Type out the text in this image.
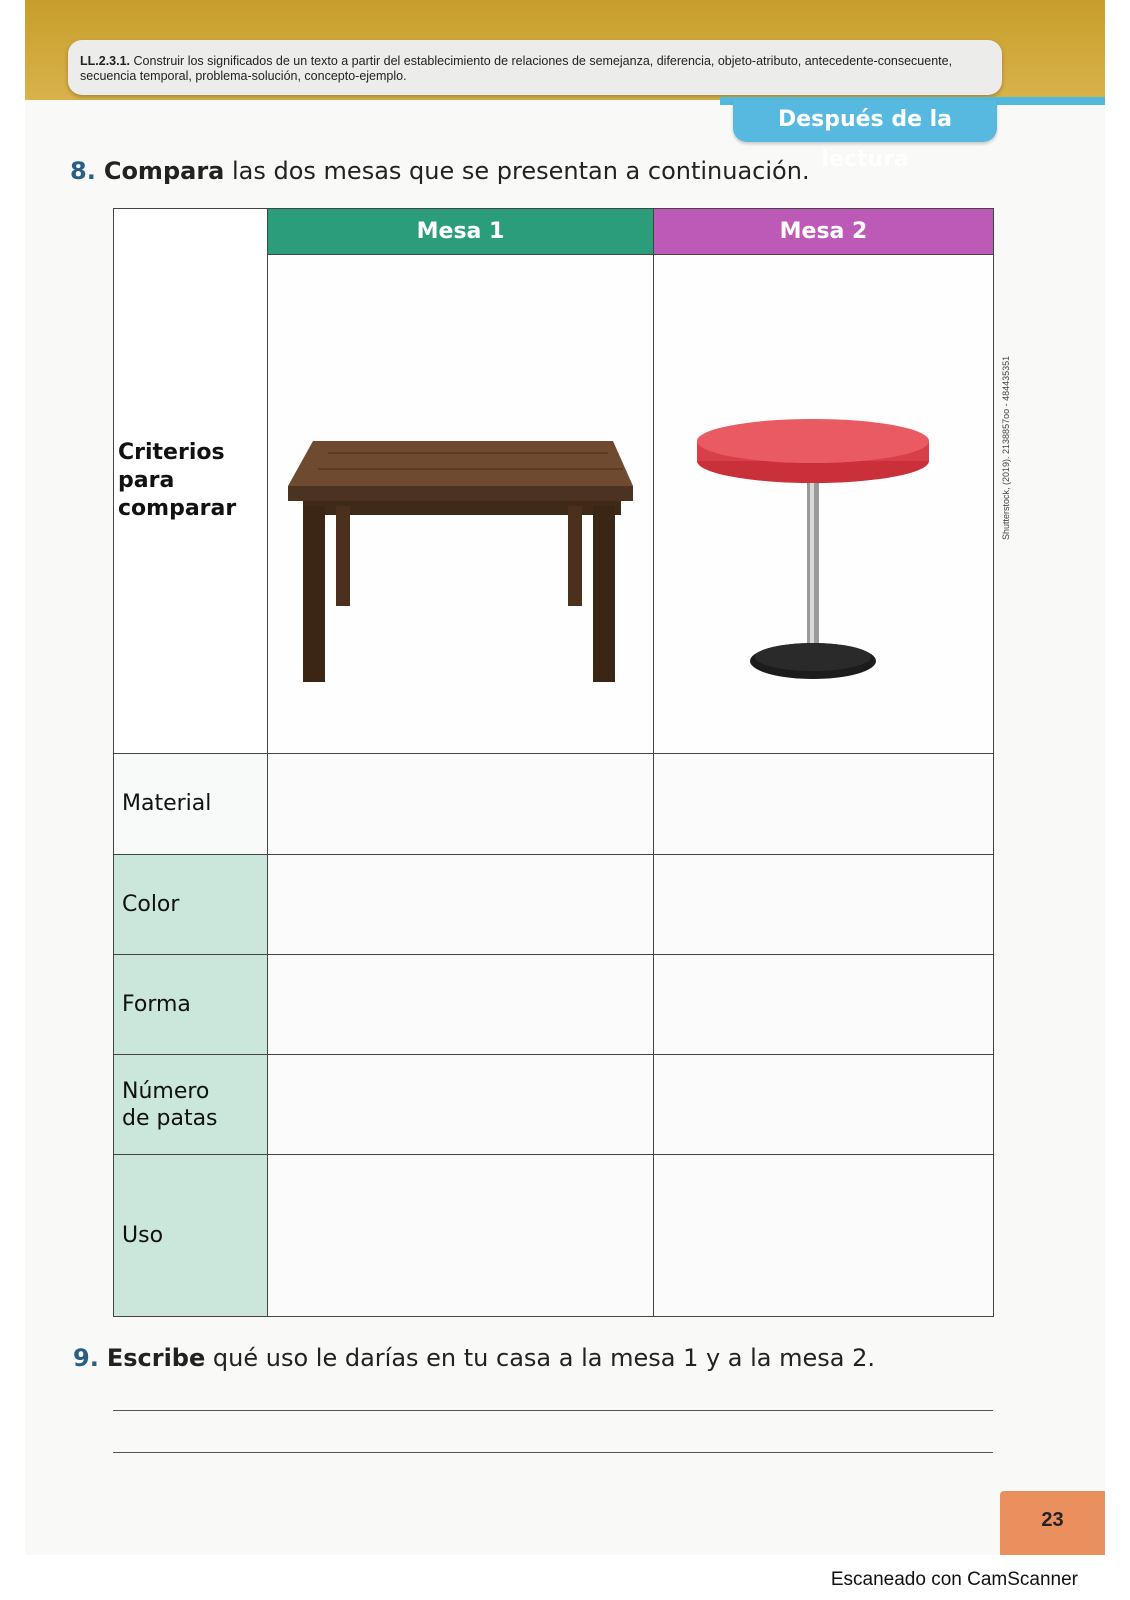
LL.2.3.1. Construir los significados de un texto a partir del establecimiento de relaciones de semejanza, diferencia, objeto-atributo, antecedente-consecuente, secuencia temporal, problema-solución, concepto-ejemplo.

Después de la lectura
8. Compara las dos mesas que se presentan a continuación.
Criterios
para
comparar	Mesa 1	Mesa 2

Material		

Color		

Forma		

Número
de patas		

Uso		

Shutterstock, (2019). 2138857oo - 484435351
9. Escribe qué uso le darías en tu casa a la mesa 1 y a la mesa 2.
23
Escaneado con CamScanner
